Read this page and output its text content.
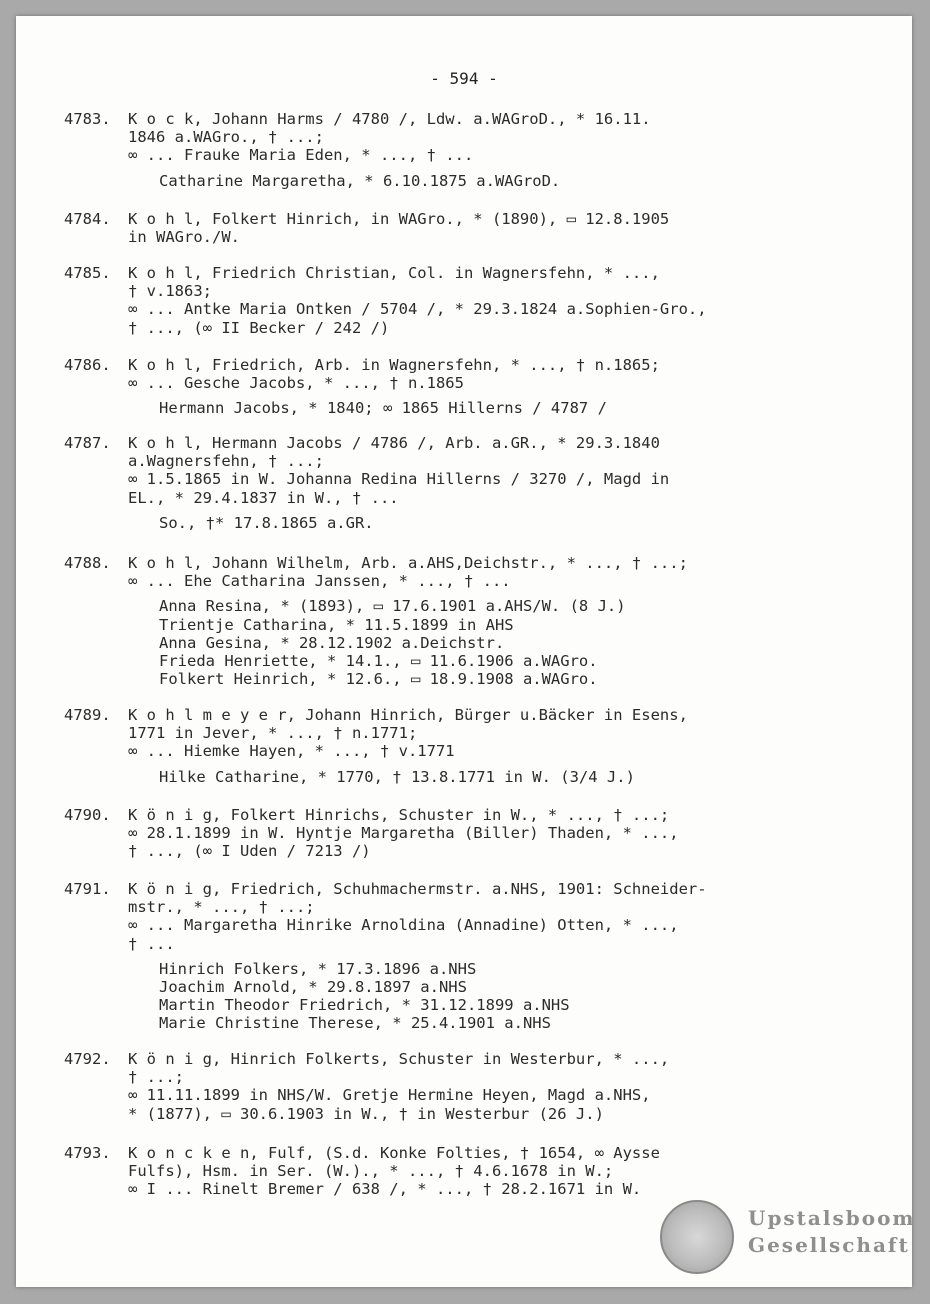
- 594 -
4783.	K o c k, Johann Harms / 4780 /, Ldw. a.WAGroD., * 16.11.
1846 a.WAGro., † ...;
∞ ... Frauke Maria Eden, * ..., † ...
Catharine Margaretha, * 6.10.1875 a.WAGroD.
4784.	K o h l, Folkert Hinrich, in WAGro., * (1890), ▭ 12.8.1905
in WAGro./W.
4785.	K o h l, Friedrich Christian, Col. in Wagnersfehn, * ...,
† v.1863;
∞ ... Antke Maria Ontken / 5704 /, * 29.3.1824 a.Sophien-Gro.,
† ..., (∞ II Becker / 242 /)
4786.	K o h l, Friedrich, Arb. in Wagnersfehn, * ..., † n.1865;
∞ ... Gesche Jacobs, * ..., † n.1865
Hermann Jacobs, * 1840; ∞ 1865 Hillerns / 4787 /
4787.	K o h l, Hermann Jacobs / 4786 /, Arb. a.GR., * 29.3.1840
a.Wagnersfehn, † ...;
∞ 1.5.1865 in W. Johanna Redina Hillerns / 3270 /, Magd in
EL., * 29.4.1837 in W., † ...
So., †* 17.8.1865 a.GR.
4788.	K o h l, Johann Wilhelm, Arb. a.AHS,Deichstr., * ..., † ...;
∞ ... Ehe Catharina Janssen, * ..., † ...
Anna Resina, * (1893), ▭ 17.6.1901 a.AHS/W. (8 J.)
Trientje Catharina, * 11.5.1899 in AHS
Anna Gesina, * 28.12.1902 a.Deichstr.
Frieda Henriette, * 14.1., ▭ 11.6.1906 a.WAGro.
Folkert Heinrich, * 12.6., ▭ 18.9.1908 a.WAGro.
4789.	K o h l m e y e r, Johann Hinrich, Bürger u.Bäcker in Esens,
1771 in Jever, * ..., † n.1771;
∞ ... Hiemke Hayen, * ..., † v.1771
Hilke Catharine, * 1770, † 13.8.1771 in W. (3/4 J.)
4790.	K ö n i g, Folkert Hinrichs, Schuster in W., * ..., † ...;
∞ 28.1.1899 in W. Hyntje Margaretha (Biller) Thaden, * ...,
† ..., (∞ I Uden / 7213 /)
4791.	K ö n i g, Friedrich, Schuhmachermstr. a.NHS, 1901: Schneider-
mstr., * ..., † ...;
∞ ... Margaretha Hinrike Arnoldina (Annadine) Otten, * ...,
† ...
Hinrich Folkers, * 17.3.1896 a.NHS
Joachim Arnold, * 29.8.1897 a.NHS
Martin Theodor Friedrich, * 31.12.1899 a.NHS
Marie Christine Therese, * 25.4.1901 a.NHS
4792.	K ö n i g, Hinrich Folkerts, Schuster in Westerbur, * ...,
† ...;
∞ 11.11.1899 in NHS/W. Gretje Hermine Heyen, Magd a.NHS,
* (1877), ▭ 30.6.1903 in W., † in Westerbur (26 J.)
4793.	K o n c k e n, Fulf, (S.d. Konke Folties, † 1654, ∞ Aysse
Fulfs), Hsm. in Ser. (W.)., * ..., † 4.6.1678 in W.;
∞ I ... Rinelt Bremer / 638 /, * ..., † 28.2.1671 in W.
Upstalsboom
Gesellschaft
